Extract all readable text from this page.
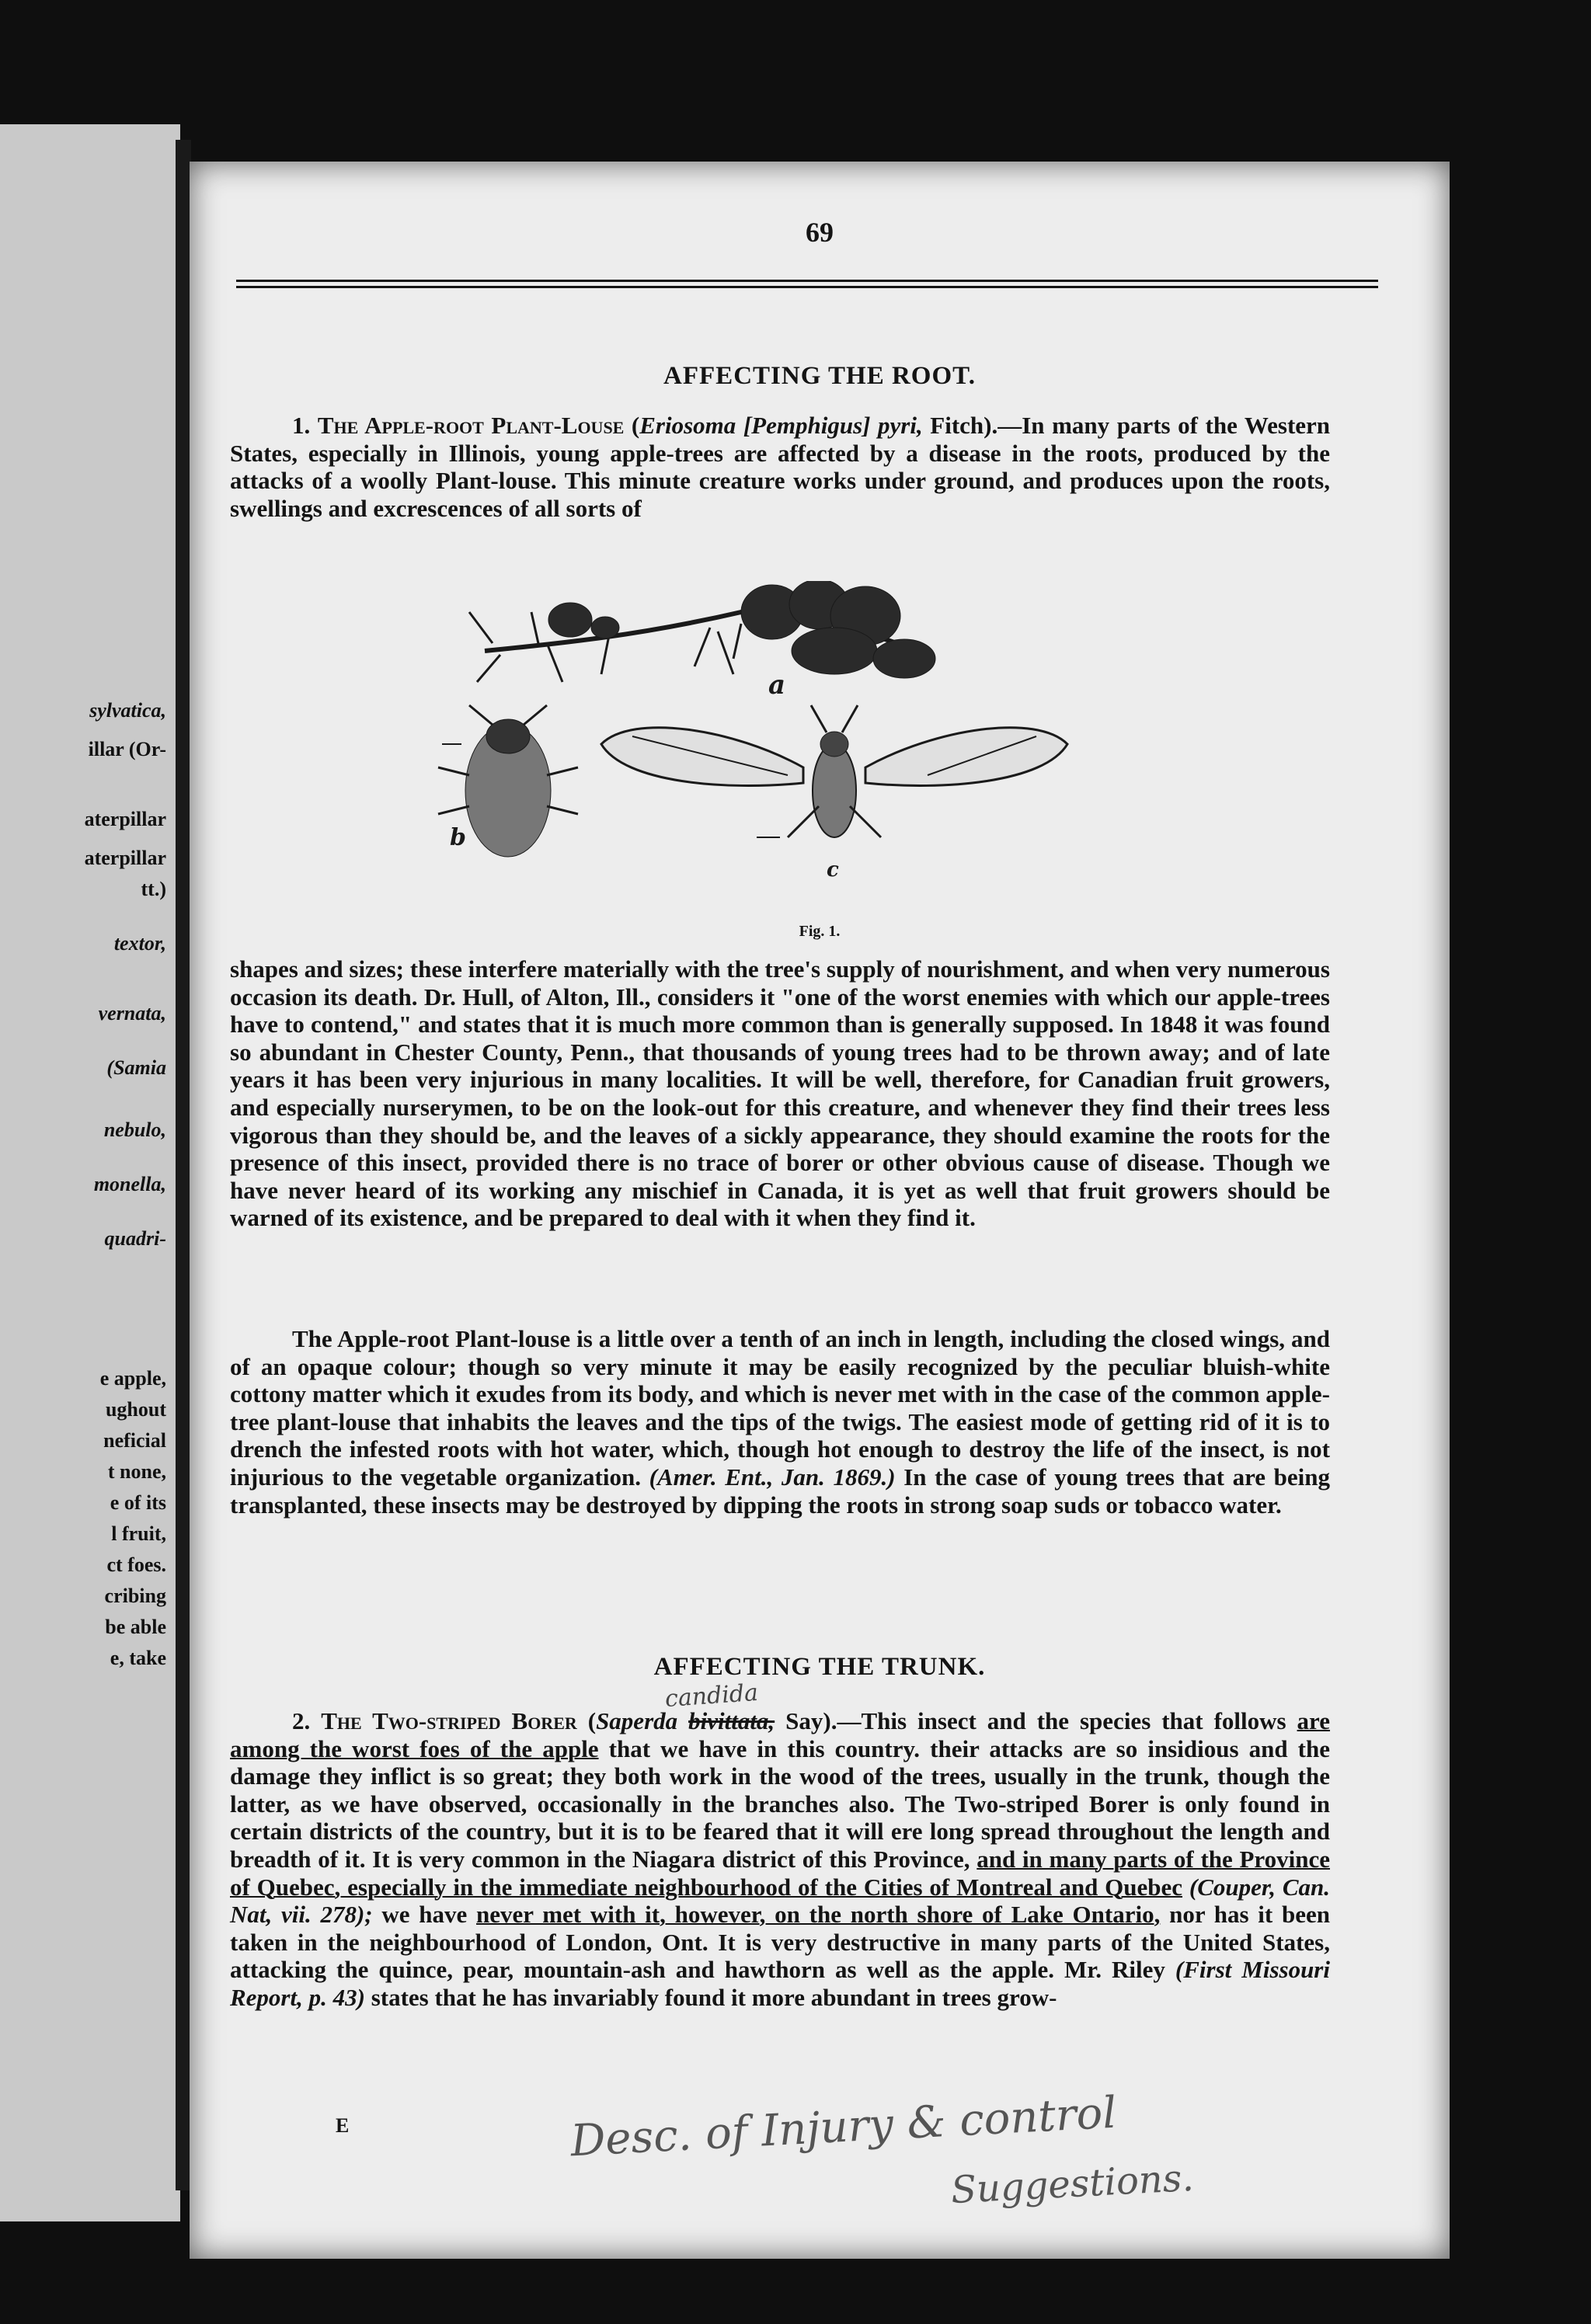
sylvatica,
illar (Or-
aterpillar
aterpillar
tt.)
textor,
vernata,
(Samia
nebulo,
monella,
quadri-
e apple,
ughout
neficial
t none,
e of its
l fruit,
ct foes.
cribing
be able
e, take
69
AFFECTING THE ROOT.
1. The Apple-root Plant-Louse (Eriosoma [Pemphigus] pyri, Fitch).—In many parts of the Western States, especially in Illinois, young apple-trees are affected by a disease in the roots, produced by the attacks of a woolly Plant-louse. This minute creature works under ground, and produces upon the roots, swellings and excrescences of all sorts of
a
b
c
Fig. 1.
shapes and sizes; these interfere materially with the tree's supply of nourishment, and when very numerous occasion its death. Dr. Hull, of Alton, Ill., considers it "one of the worst enemies with which our apple-trees have to contend," and states that it is much more common than is generally supposed. In 1848 it was found so abundant in Chester County, Penn., that thousands of young trees had to be thrown away; and of late years it has been very injurious in many localities. It will be well, therefore, for Canadian fruit growers, and especially nurserymen, to be on the look-out for this creature, and whenever they find their trees less vigorous than they should be, and the leaves of a sickly appearance, they should examine the roots for the presence of this insect, provided there is no trace of borer or other obvious cause of disease. Though we have never heard of its working any mischief in Canada, it is yet as well that fruit growers should be warned of its existence, and be prepared to deal with it when they find it.
The Apple-root Plant-louse is a little over a tenth of an inch in length, including the closed wings, and of an opaque colour; though so very minute it may be easily recognized by the peculiar bluish-white cottony matter which it exudes from its body, and which is never met with in the case of the common apple-tree plant-louse that inhabits the leaves and the tips of the twigs. The easiest mode of getting rid of it is to drench the infested roots with hot water, which, though hot enough to destroy the life of the insect, is not injurious to the vegetable organization. (Amer. Ent., Jan. 1869.) In the case of young trees that are being transplanted, these insects may be destroyed by dipping the roots in strong soap suds or tobacco water.
AFFECTING THE TRUNK.
candida
2. The Two-striped Borer (Saperda bivittata, Say).—This insect and the species that follows are among the worst foes of the apple that we have in this country. their attacks are so insidious and the damage they inflict is so great; they both work in the wood of the trees, usually in the trunk, though the latter, as we have observed, occasionally in the branches also. The Two-striped Borer is only found in certain districts of the country, but it is to be feared that it will ere long spread throughout the length and breadth of it. It is very common in the Niagara district of this Province, and in many parts of the Province of Quebec, especially in the immediate neighbourhood of the Cities of Montreal and Quebec (Couper, Can. Nat, vii. 278); we have never met with it, however, on the north shore of Lake Ontario, nor has it been taken in the neighbourhood of London, Ont. It is very destructive in many parts of the United States, attacking the quince, pear, mountain-ash and hawthorn as well as the apple. Mr. Riley (First Missouri Report, p. 43) states that he has invariably found it more abundant in trees grow-
E	Desc. of Injury & control
Suggestions.
